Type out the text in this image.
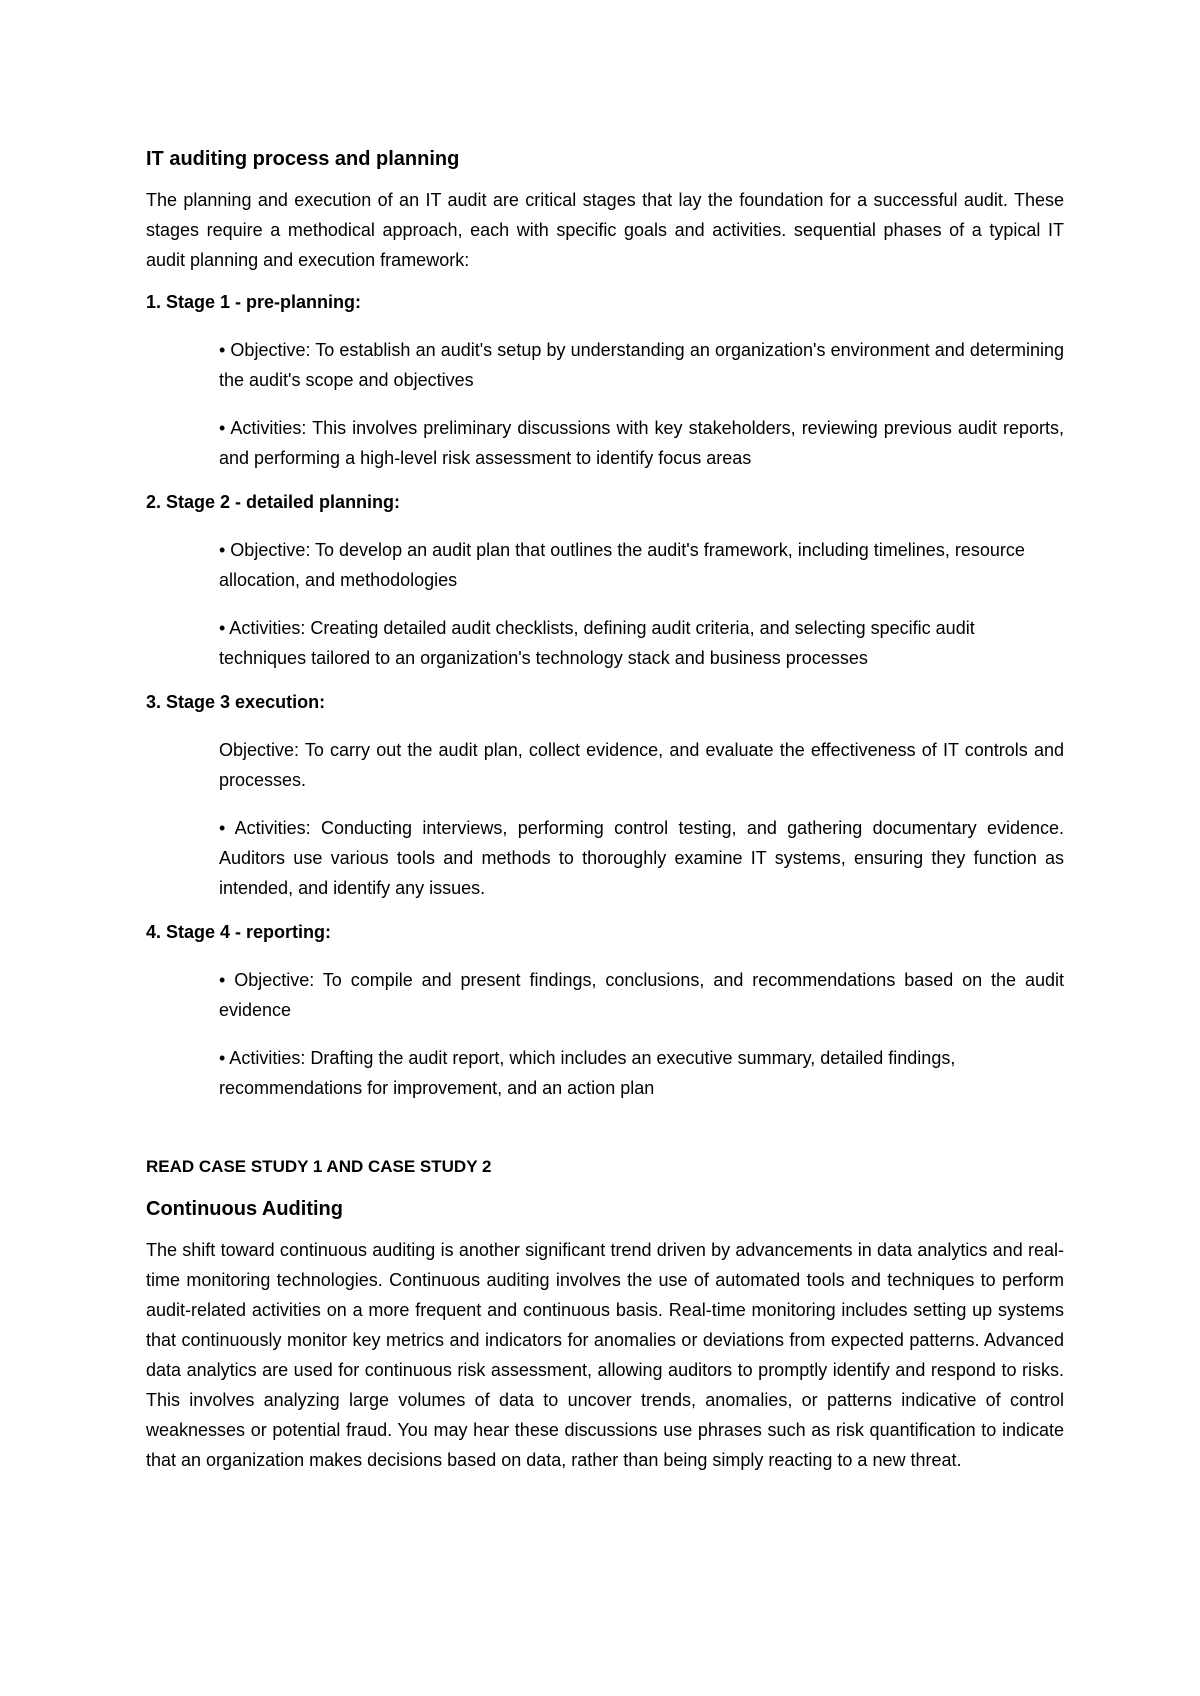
IT auditing process and planning

The planning and execution of an IT audit are critical stages that lay the foundation for a successful audit. These stages require a methodical approach, each with specific goals and activities. sequential phases of a typical IT audit planning and execution framework:

1. Stage 1 - pre-planning:

• Objective: To establish an audit's setup by understanding an organization's environment and determining the audit's scope and objectives

• Activities: This involves preliminary discussions with key stakeholders, reviewing previous audit reports, and performing a high-level risk assessment to identify focus areas

2. Stage 2 - detailed planning:

• Objective: To develop an audit plan that outlines the audit's framework, including timelines, resource allocation, and methodologies

• Activities: Creating detailed audit checklists, defining audit criteria, and selecting specific audit techniques tailored to an organization's technology stack and business processes

3. Stage 3 execution:

Objective: To carry out the audit plan, collect evidence, and evaluate the effectiveness of IT controls and processes.

• Activities: Conducting interviews, performing control testing, and gathering documentary evidence. Auditors use various tools and methods to thoroughly examine IT systems, ensuring they function as intended, and identify any issues.

4. Stage 4 - reporting:

• Objective: To compile and present findings, conclusions, and recommendations based on the audit evidence

• Activities: Drafting the audit report, which includes an executive summary, detailed findings, recommendations for improvement, and an action plan

READ CASE STUDY 1 AND CASE STUDY 2
Continuous Auditing

The shift toward continuous auditing is another significant trend driven by advancements in data analytics and real-time monitoring technologies. Continuous auditing involves the use of automated tools and techniques to perform audit-related activities on a more frequent and continuous basis. Real-time monitoring includes setting up systems that continuously monitor key metrics and indicators for anomalies or deviations from expected patterns. Advanced data analytics are used for continuous risk assessment, allowing auditors to promptly identify and respond to risks. This involves analyzing large volumes of data to uncover trends, anomalies, or patterns indicative of control weaknesses or potential fraud. You may hear these discussions use phrases such as risk quantification to indicate that an organization makes decisions based on data, rather than being simply reacting to a new threat.
